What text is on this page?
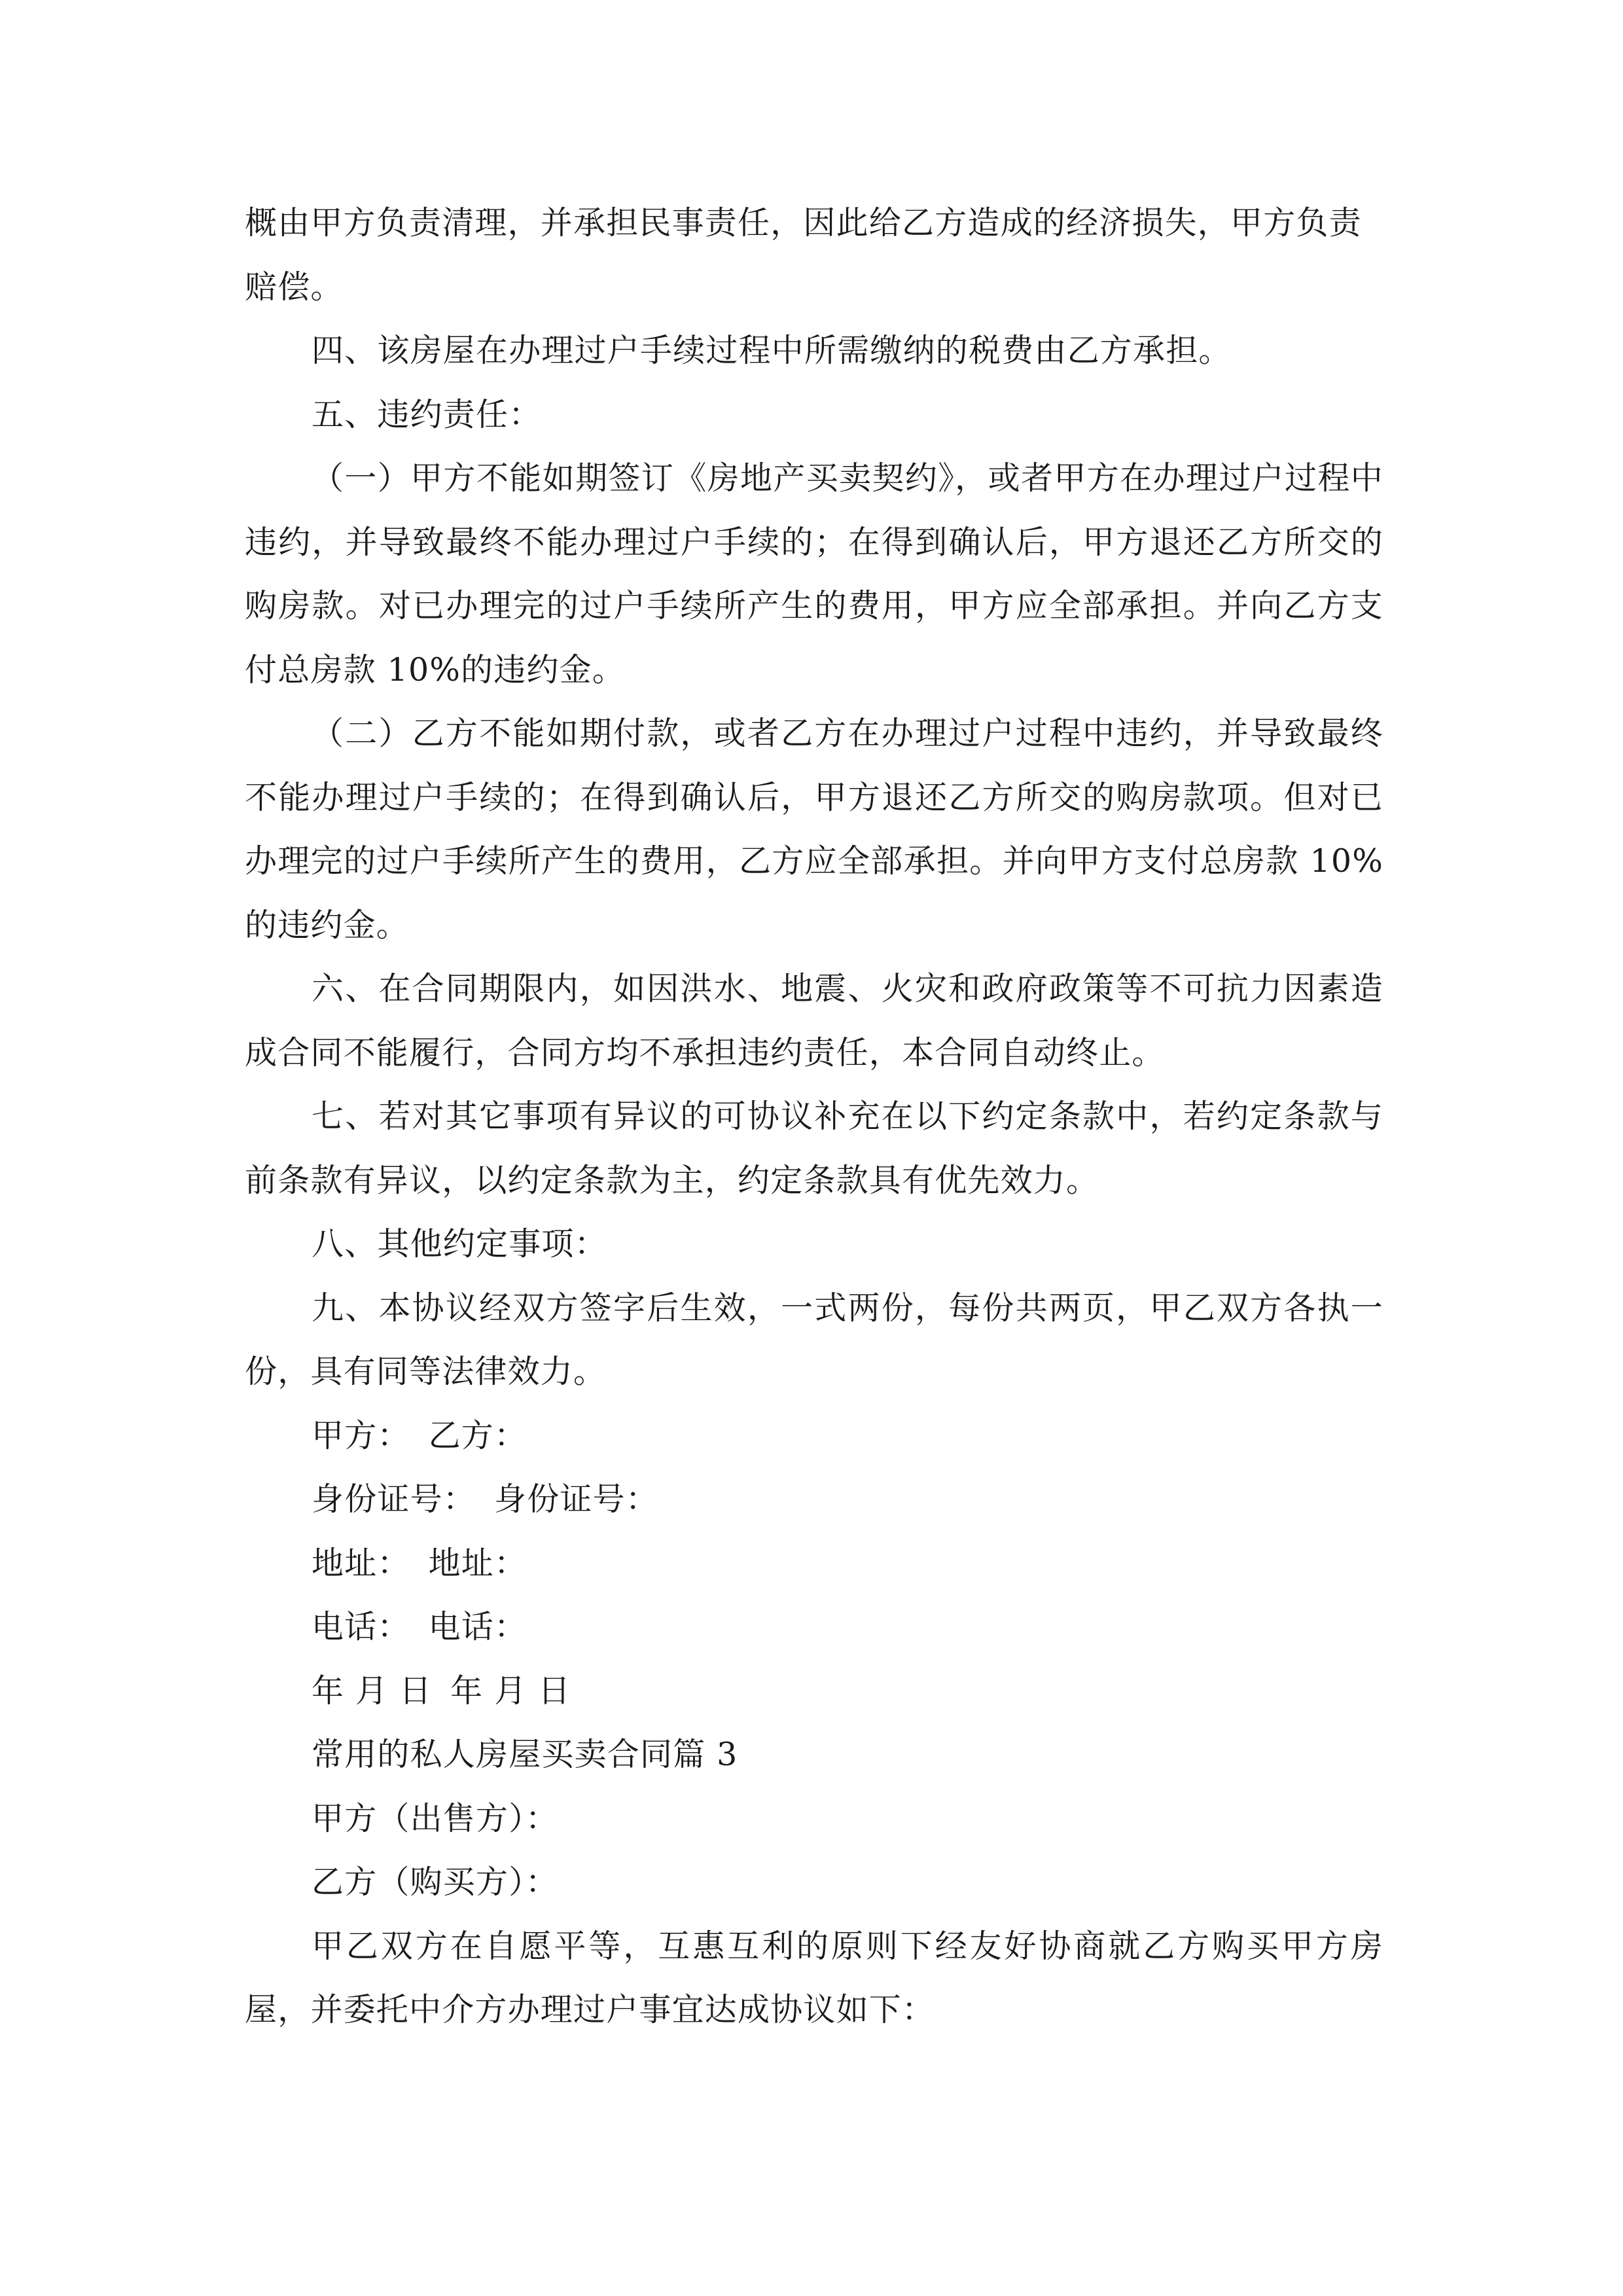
概由甲方负责清理，并承担民事责任，因此给乙方造成的经济损失，甲方负责赔偿。

四、该房屋在办理过户手续过程中所需缴纳的税费由乙方承担。

五、违约责任：

（一）甲方不能如期签订《房地产买卖契约》，或者甲方在办理过户过程中违约，并导致最终不能办理过户手续的；在得到确认后，甲方退还乙方所交的购房款。对已办理完的过户手续所产生的费用，甲方应全部承担。并向乙方支付总房款 10%的违约金。

（二）乙方不能如期付款，或者乙方在办理过户过程中违约，并导致最终不能办理过户手续的；在得到确认后，甲方退还乙方所交的购房款项。但对已办理完的过户手续所产生的费用，乙方应全部承担。并向甲方支付总房款 10%的违约金。

六、在合同期限内，如因洪水、地震、火灾和政府政策等不可抗力因素造成合同不能履行，合同方均不承担违约责任，本合同自动终止。

七、若对其它事项有异议的可协议补充在以下约定条款中，若约定条款与前条款有异议，以约定条款为主，约定条款具有优先效力。

八、其他约定事项：

九、本协议经双方签字后生效，一式两份，每份共两页，甲乙双方各执一份，具有同等法律效力。

甲方： 乙方：

身份证号： 身份证号：

地址： 地址：

电话： 电话：

年 月 日 年 月 日

常用的私人房屋买卖合同篇 3

甲方（出售方）：

乙方（购买方）：

甲乙双方在自愿平等，互惠互利的原则下经友好协商就乙方购买甲方房屋，并委托中介方办理过户事宜达成协议如下：
